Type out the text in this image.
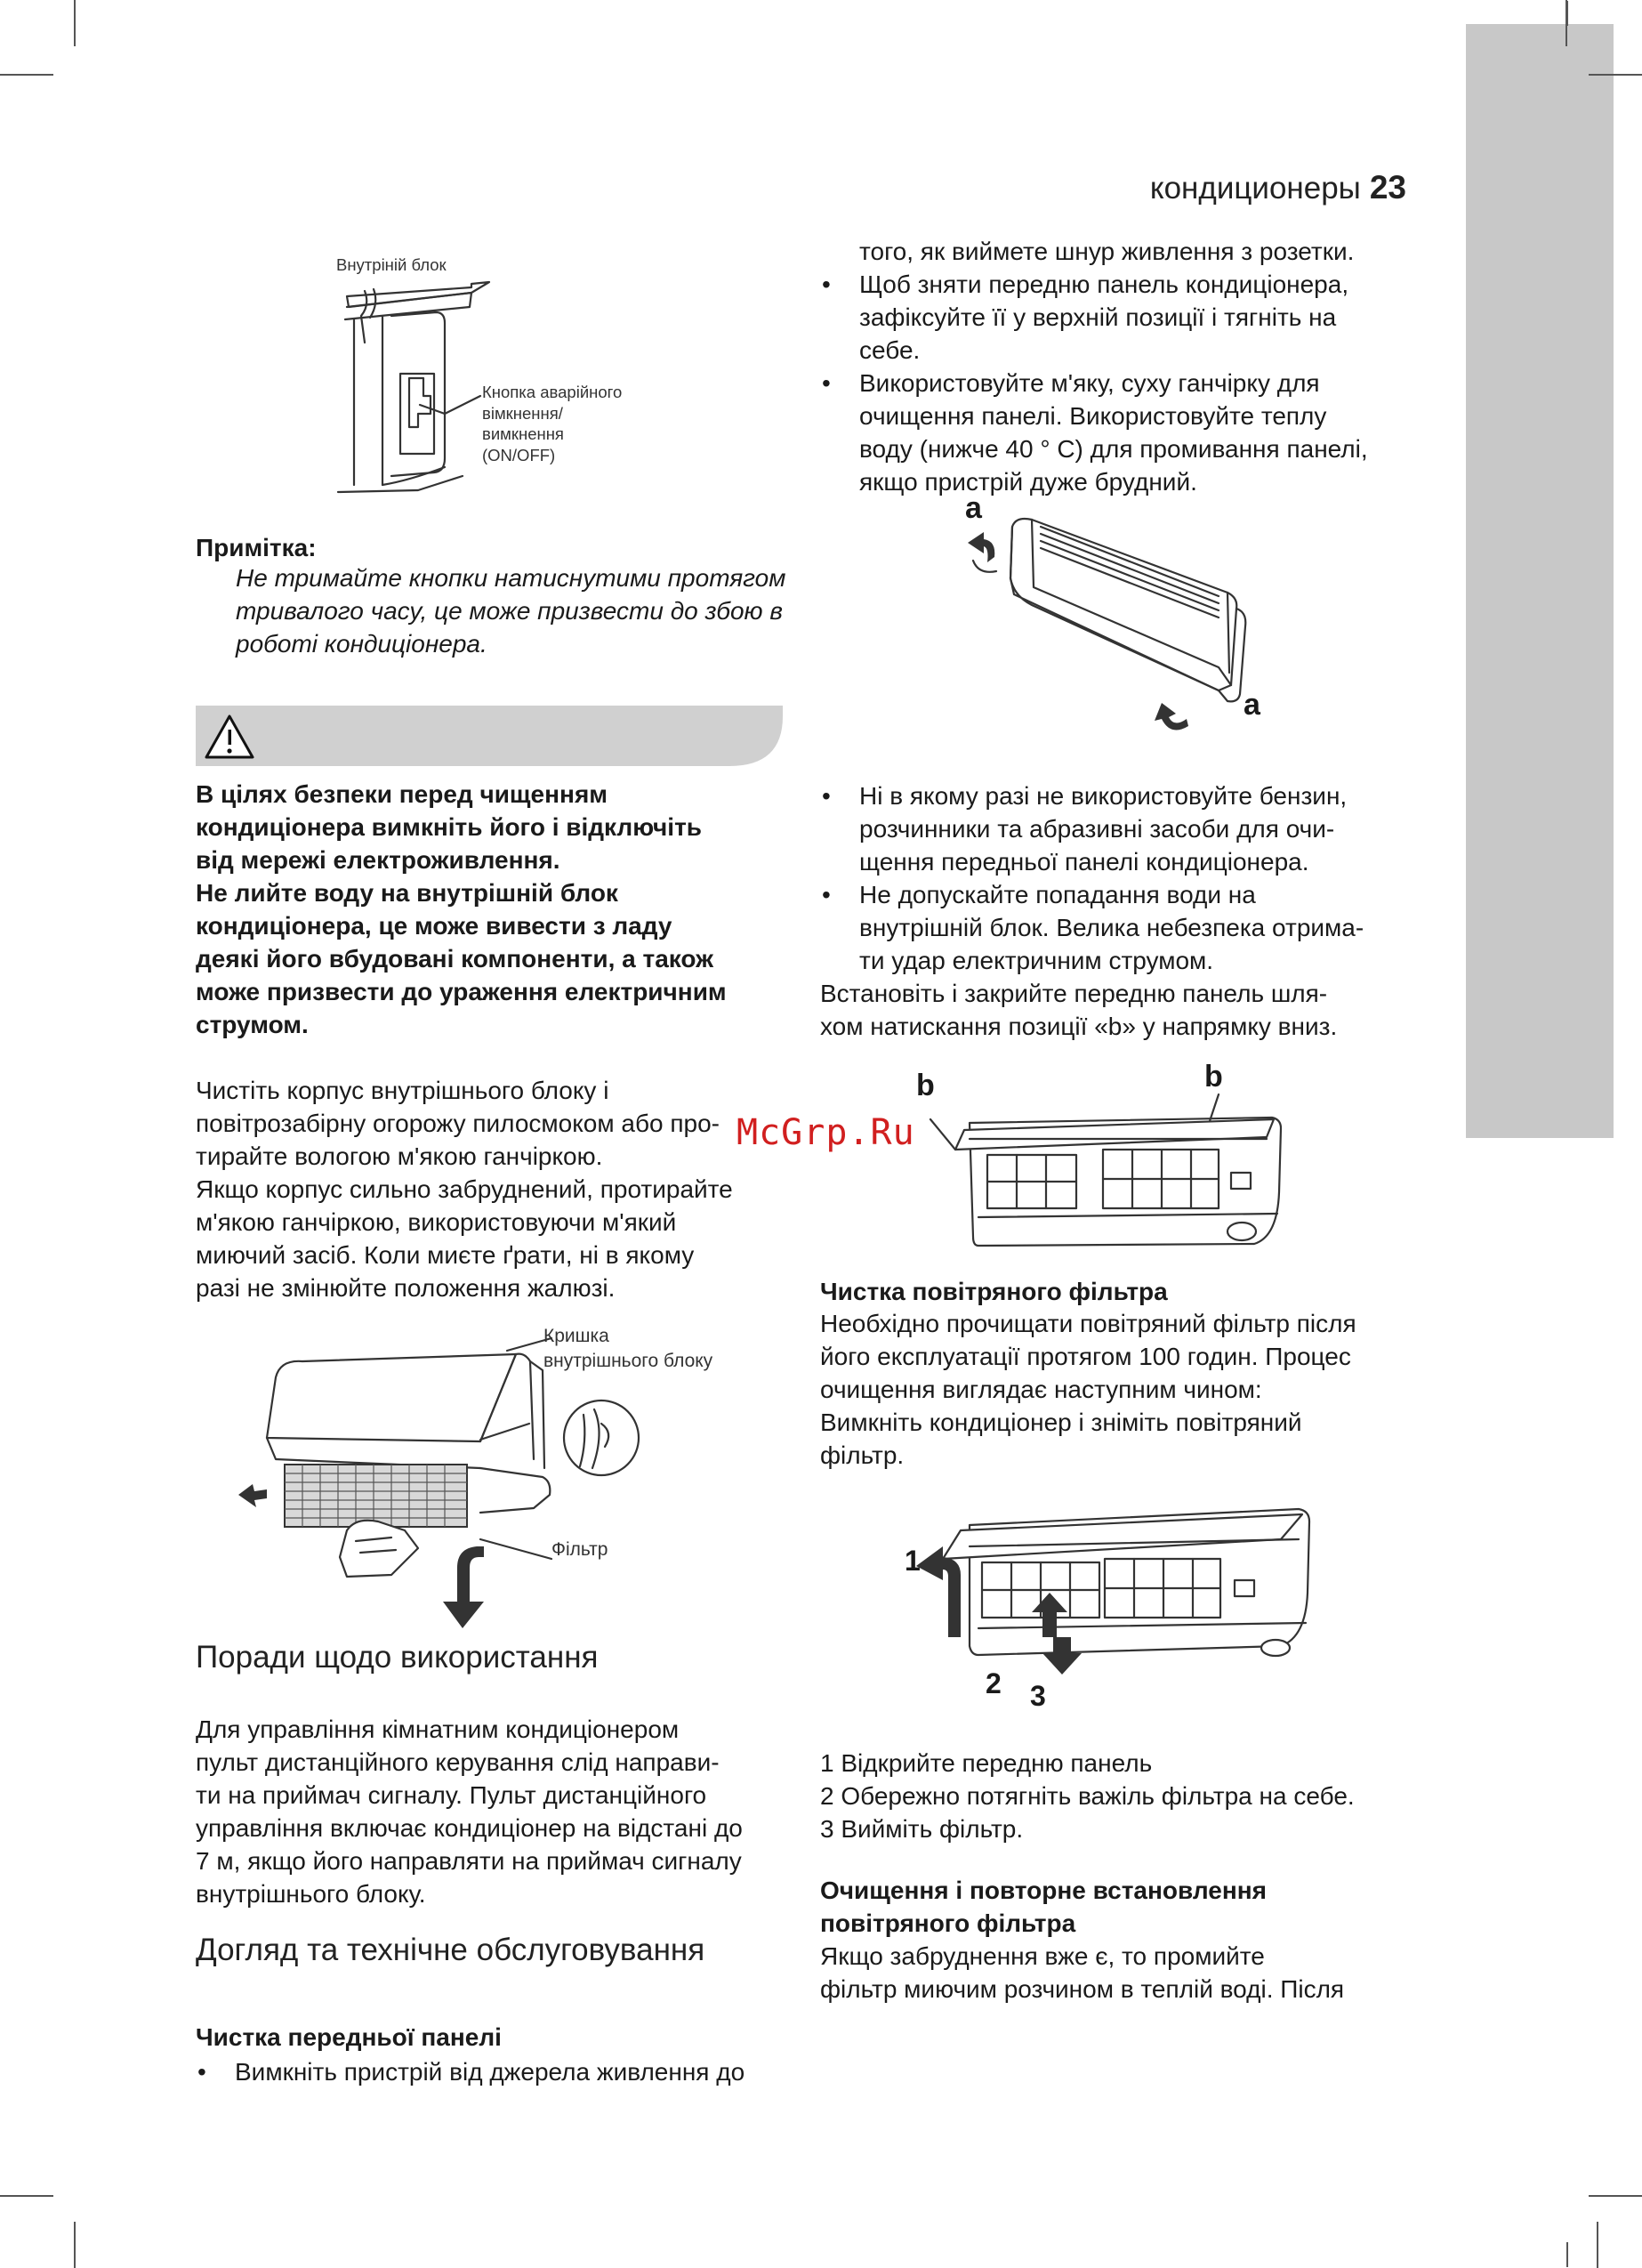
кондиционеры 23
Внутріній блок
Кнопка аварійного
вімкнення/
вимкнення
(ON/OFF)
Примітка:
Не тримайте кнопки натиснутими протягом
тривалого часу, це може призвести до збою в
роботі кондиціонера.
В цілях безпеки перед чищенням
кондиціонера вимкніть його і відключіть
від мережі електроживлення.
Не лийте воду на внутрішній блок
кондиціонера, це може вивести з ладу
деякі його вбудовані компоненти, а також
може призвести до ураження електричним
струмом.
Чистіть корпус внутрішнього блоку і
повітрозабірну огорожу пилосмоком або про-
тирайте вологою м'якою ганчіркою.
Якщо корпус сильно забруднений, протирайте
м'якою ганчіркою, використовуючи м'який
миючий засіб. Коли миєте ґрати, ні в якому
разі не змінюйте положення жалюзі.
Кришка
внутрішнього блоку
Фільтр
Поради щодо використання
Для управління кімнатним кондиціонером
пульт дистанційного керування слід направи-
ти на приймач сигналу. Пульт дистанційного
управління включає кондиціонер на відстані до
7 м, якщо його направляти на приймач сигналу
внутрішнього блоку.
Догляд та технічне обслуговування
Чистка передньої панелі
• Вимкніть пристрій від джерела живлення до
того, як виймете шнур живлення з розетки.
• Щоб зняти передню панель кондиціонера,
зафіксуйте її у верхній позиції і тягніть на
себе.
• Використовуйте м'яку, суху ганчірку для
очищення панелі. Використовуйте теплу
воду (нижче 40 ° С) для промивання панелі,
якщо пристрій дуже брудний.
a
a
• Ні в якому разі не використовуйте бензин,
розчинники та абразивні засоби для очи-
щення передньої панелі кондиціонера.
• Не допускайте попадання води на
внутрішній блок. Велика небезпека отрима-
ти удар електричним струмом.
Встановіть і закрийте передню панель шля-
хом натискання позиції «b» у напрямку вниз.
b	b
Чистка повітряного фільтра
Необхідно прочищати повітряний фільтр після
його експлуатації протягом 100 годин. Процес
очищення виглядає наступним чином:
Вимкніть кондиціонер і зніміть повітряний
фільтр.
1
2 3
1 Відкрийте передню панель
2 Обережно потягніть важіль фільтра на себе.
3 Вийміть фільтр.
Очищення і повторне встановлення
повітряного фільтра
Якщо забруднення вже є, то промийте
фільтр миючим розчином в теплій воді. Після
McGrp.Ru
